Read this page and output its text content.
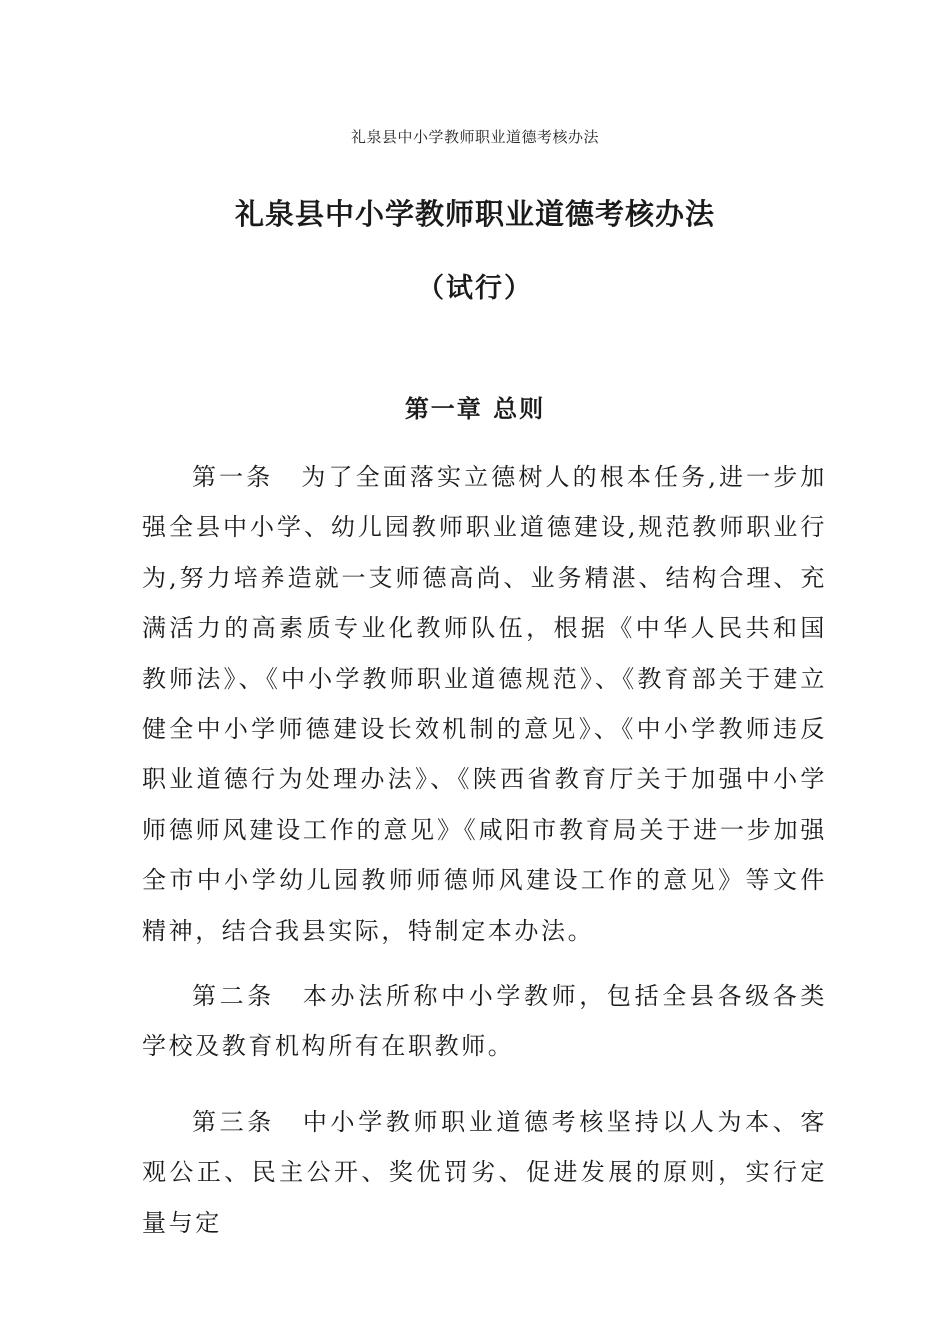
礼泉县中小学教师职业道德考核办法
礼泉县中小学教师职业道德考核办法
（试行）
第一章 总则

第一条 为了全面落实立德树人的根本任务,进一步加强全县中小学、幼儿园教师职业道德建设,规范教师职业行为,努力培养造就一支师德高尚、业务精湛、结构合理、充满活力的高素质专业化教师队伍，根据《中华人民共和国教师法》、《中小学教师职业道德规范》、《教育部关于建立健全中小学师德建设长效机制的意见》、《中小学教师违反职业道德行为处理办法》、《陕西省教育厅关于加强中小学师德师风建设工作的意见》《咸阳市教育局关于进一步加强全市中小学幼儿园教师师德师风建设工作的意见》等文件精神，结合我县实际，特制定本办法。

第二条 本办法所称中小学教师，包括全县各级各类学校及教育机构所有在职教师。

第三条 中小学教师职业道德考核坚持以人为本、客观公正、民主公开、奖优罚劣、促进发展的原则，实行定量与定
